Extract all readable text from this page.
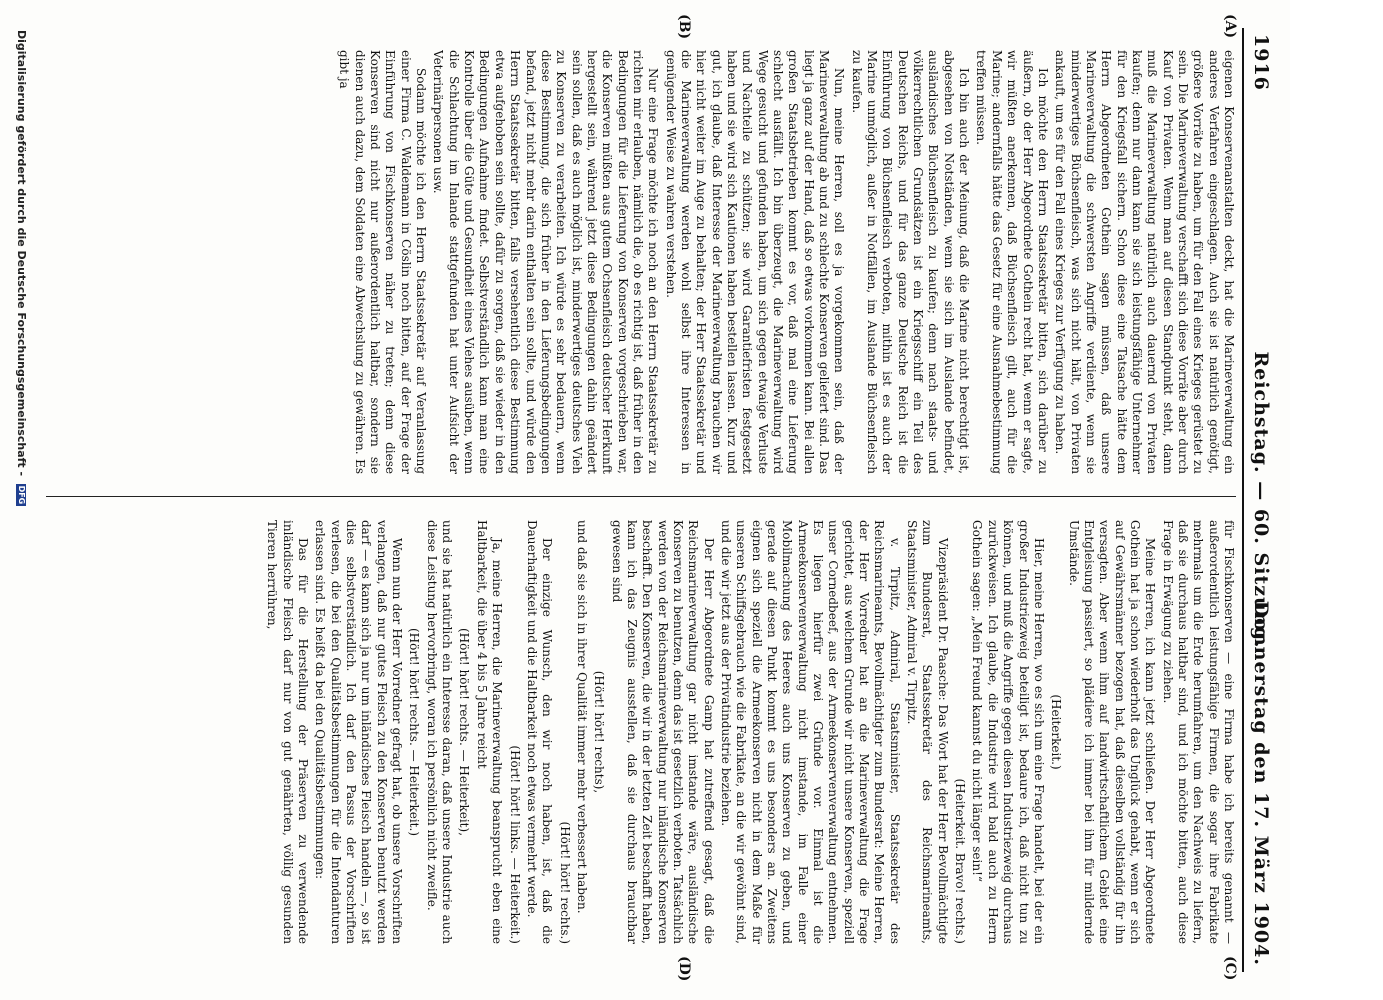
1916
Reichstag. — 60. Sitzung.
Donnerstag den 17. März 1904.
(A)
(B)
(C)
(D)

eigenen Konservenanstalten deckt, hat die Marineverwaltung ein anderes Verfahren eingeschlagen. Auch sie ist natürlich genötigt, größere Vorräte zu haben, um für den Fall eines Krieges gerüstet zu sein. Die Marineverwaltung verschafft sich diese Vorräte aber durch Kauf von Privaten. Wenn man auf diesen Standpunkt steht, dann muß die Marineverwaltung natürlich auch dauernd von Privaten kaufen; denn nur dann kann sie sich leistungsfähige Unternehmer für den Kriegsfall sichern. Schon diese eine Tatsache hätte dem Herrn Abgeordneten Gothein sagen müssen, daß unsere Marineverwaltung die schwersten Angriffe verdiente, wenn sie minderwertiges Büchsenfleisch, was sich nicht hält, von Privaten ankauft, um es für den Fall eines Krieges zur Verfügung zu haben.

Ich möchte den Herrn Staatssekretär bitten, sich darüber zu äußern, ob der Herr Abgeordnete Gothein recht hat, wenn er sagte, wir müßten anerkennen, daß Büchsenfleisch gilt, auch für die Marine; andernfalls hätte das Gesetz für eine Ausnahmebestimmung treffen müssen.

Ich bin auch der Meinung, daß die Marine nicht berechtigt ist, abgesehen von Notständen, wenn sie sich im Auslande befindet, ausländisches Büchsenfleisch zu kaufen; denn nach staats- und völkerrechtlichen Grundsätzen ist ein Kriegsschiff ein Teil des Deutschen Reichs, und für das ganze Deutsche Reich ist die Einführung von Büchsenfleisch verboten, mithin ist es auch der Marine unmöglich, außer in Notfällen, im Auslande Büchsenfleisch zu kaufen.

Nun, meine Herren, soll es ja vorgekommen sein, daß der Marineverwaltung ab und zu schlechte Konserven geliefert sind. Das liegt ja ganz auf der Hand, daß so etwas vorkommen kann. Bei allen großen Staatsbetrieben kommt es vor, daß mal eine Lieferung schlecht ausfällt. Ich bin überzeugt, die Marineverwaltung wird Wege gesucht und gefunden haben, um sich gegen etwaige Verluste und Nachteile zu schützen; sie wird Garantiefristen festgesetzt haben und sie wird sich Kautionen haben bestellen lassen. Kurz und gut, ich glaube, daß Interesse der Marineverwaltung brauchen wir hier nicht weiter im Auge zu behalten; der Herr Staatssekretär und die Marineverwaltung werden wohl selbst ihre Interessen in genügender Weise zu wahren verstehen.

Nur eine Frage möchte ich noch an den Herrn Staatssekretär zu richten mir erlauben, nämlich die, ob es richtig ist, daß früher in den Bedingungen für die Lieferung von Konserven vorgeschrieben war, die Konserven müßten aus gutem Ochsenfleisch deutscher Herkunft hergestellt sein, während jetzt diese Bedingungen dahin geändert sein sollen, daß es auch möglich ist, minderwertiges deutsches Vieh zu Konserven zu verarbeiten. Ich würde es sehr bedauern, wenn diese Bestimmung, die sich früher in den Lieferungsbedingungen befand, jetzt nicht mehr darin enthalten sein sollte, und würde den Herrn Staatssekretär bitten, falls versehentlich diese Bestimmung etwa aufgehoben sein sollte, dafür zu sorgen, daß sie wieder in den Bedingungen Aufnahme findet. Selbstverständlich kann man eine Kontrolle über die Güte und Gesundheit eines Viehes ausüben, wenn die Schlachtung im Inlande stattgefunden hat unter Aufsicht der Veterinärpersonen usw.

Sodann möchte ich den Herrn Staatssekretär auf Veranlassung einer Firma C. Waldemann in Cöslin noch bitten, auf der Frage der Einführung von Fischkonserven näher zu treten; denn diese Konserven sind nicht nur außerordentlich haltbar, sondern sie dienen auch dazu, dem Soldaten eine Abwechslung zu gewähren. Es gibt ja

für Fischkonserven — eine Firma habe ich bereits genannt — außerordentlich leistungsfähige Firmen, die sogar ihre Fabrikate mehrmals um die Erde herumfahren, um den Nachweis zu liefern, daß sie durchaus haltbar sind, und ich möchte bitten, auch diese Frage in Erwägung zu ziehen.

Meine Herren, ich kann jetzt schließen. Der Herr Abgeordnete Gothein hat ja schon wiederholt das Unglück gehabt, wenn er sich auf Gewährsmänner bezogen hat, daß dieselben vollständig für ihn versagten. Aber wenn ihm auf landwirtschaftlichem Gebiet eine Entgleisung passiert, so plädiere ich immer bei ihm für mildernde Umstände.

(Heiterkeit.)

Hier, meine Herren, wo es sich um eine Frage handelt, bei der ein großer Industriezweig beteiligt ist, bedaure ich, daß nicht tun zu können, und muß die Angriffe gegen diesen Industriezweig durchaus zurückweisen. Ich glaube, die Industrie wird bald auch zu Herrn Gothein sagen: „Mein Freund kannst du nicht länger sein!“

(Heiterkeit. Bravo! rechts.)

Vizepräsident Dr. Paasche: Das Wort hat der Herr Bevollmächtigte zum Bundesrat, Staatssekretär des Reichsmarineamts, Staatsminister, Admiral v. Tirpitz.

v. Tirpitz, Admiral, Staatsminister, Staatssekretär des Reichsmarineamts, Bevollmächtigter zum Bundesrat: Meine Herren, der Herr Vorredner hat an die Marineverwaltung die Frage gerichtet, aus welchem Grunde wir nicht unsere Konserven, speziell unser Cornedbeef, aus der Armeekonservenverwaltung entnehmen. Es liegen hierfür zwei Gründe vor. Einmal ist die Armeekonservenverwaltung nicht imstande, im Falle einer Mobilmachung des Heeres auch uns Konserven zu geben, und gerade auf diesen Punkt kommt es uns besonders an. Zweitens eignen sich speziell die Armeekonserven nicht in dem Maße für unseren Schiffsgebrauch wie die Fabrikate, an die wir gewöhnt sind, und die wir jetzt aus der Privatindustrie beziehen.

Der Herr Abgeordnete Gamp hat zutreffend gesagt, daß die Reichsmarineverwaltung gar nicht imstande wäre, ausländische Konserven zu benutzen, denn das ist gesetzlich verboten. Tatsächlich werden von der Reichsmarineverwaltung nur inländische Konserven beschafft. Den Konserven, die wir in der letzten Zeit beschafft haben, kann ich das Zeugnis ausstellen, daß sie durchaus brauchbar gewesen sind

(Hört! hört! rechts),

und daß sie sich in ihrer Qualität immer mehr verbessert haben.

(Hört! hört! rechts.)

Der einzige Wunsch, den wir noch haben, ist, daß die Dauerhaftigkeit und die Haltbarkeit noch etwas vermehrt werde.

(Hört! hört! links. — Heiterkeit.)

Ja, meine Herren, die Marineverwaltung beansprucht eben eine Haltbarkeit, die über 4 bis 5 Jahre reicht

(Hört! hört! rechts. — Heiterkeit),

und sie hat natürlich ein Interesse daran, daß unsere Industrie auch diese Leistung hervorbringt, woran ich persönlich nicht zweifle.

(Hört! hört! rechts. — Heiterkeit.)

Wenn nun der Herr Vorredner gefragt hat, ob unsere Vorschriften verlangen, daß nur gutes Fleisch zu den Konserven benutzt werden darf — es kann sich ja nur um inländisches Fleisch handeln —, so ist dies selbstverständlich. Ich darf den Passus der Vorschriften verlesen, die bei den Qualitätsbestimmungen für die Intendanturen erlassen sind. Es heißt da bei den Qualitätsbestimmungen:

Das für die Herstellung der Präserven zu verwendende inländische Fleisch darf nur von gut genährten, völlig gesunden Tieren herrühren,

Digitalisierung gefördert durch die Deutsche Forschungsgemeinschaft - DFG
